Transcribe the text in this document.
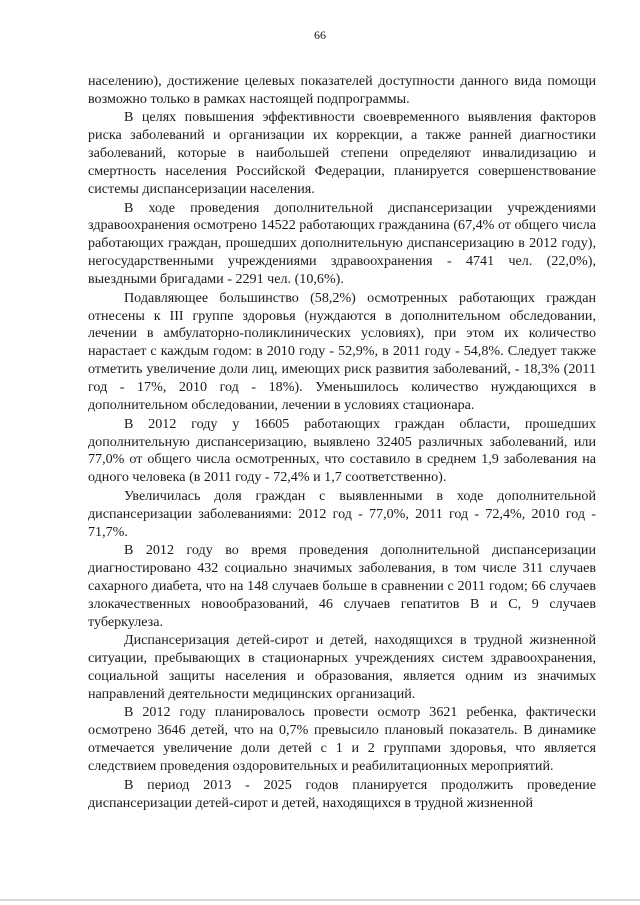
66

населению), достижение целевых показателей доступности данного вида помощи возможно только в рамках настоящей подпрограммы.

В целях повышения эффективности своевременного выявления факторов риска заболеваний и организации их коррекции, а также ранней диагностики заболеваний, которые в наибольшей степени определяют инвалидизацию и смертность населения Российской Федерации, планируется совершенствование системы диспансеризации населения.

В ходе проведения дополнительной диспансеризации учреждениями здравоохранения осмотрено 14522 работающих гражданина (67,4% от общего числа работающих граждан, прошедших дополнительную диспансеризацию в 2012 году), негосударственными учреждениями здравоохранения - 4741 чел. (22,0%), выездными бригадами - 2291 чел. (10,6%).

Подавляющее большинство (58,2%) осмотренных работающих граждан отнесены к III группе здоровья (нуждаются в дополнительном обследовании, лечении в амбулаторно-поликлинических условиях), при этом их количество нарастает с каждым годом: в 2010 году - 52,9%, в 2011 году - 54,8%. Следует также отметить увеличение доли лиц, имеющих риск развития заболеваний, - 18,3% (2011 год - 17%, 2010 год - 18%). Уменьшилось количество нуждающихся в дополнительном обследовании, лечении в условиях стационара.

В 2012 году у 16605 работающих граждан области, прошедших дополнительную диспансеризацию, выявлено 32405 различных заболеваний, или 77,0% от общего числа осмотренных, что составило в среднем 1,9 заболевания на одного человека (в 2011 году - 72,4% и 1,7 соответственно).

Увеличилась доля граждан с выявленными в ходе дополнительной диспансеризации заболеваниями: 2012 год - 77,0%, 2011 год - 72,4%, 2010 год - 71,7%.

В 2012 году во время проведения дополнительной диспансеризации диагностировано 432 социально значимых заболевания, в том числе 311 случаев сахарного диабета, что на 148 случаев больше в сравнении с 2011 годом; 66 случаев злокачественных новообразований, 46 случаев гепатитов В и С, 9 случаев туберкулеза.

Диспансеризация детей-сирот и детей, находящихся в трудной жизненной ситуации, пребывающих в стационарных учреждениях систем здравоохранения, социальной защиты населения и образования, является одним из значимых направлений деятельности медицинских организаций.

В 2012 году планировалось провести осмотр 3621 ребенка, фактически осмотрено 3646 детей, что на 0,7% превысило плановый показатель. В динамике отмечается увеличение доли детей с 1 и 2 группами здоровья, что является следствием проведения оздоровительных и реабилитационных мероприятий.

В период 2013 - 2025 годов планируется продолжить проведение диспансеризации детей-сирот и детей, находящихся в трудной жизненной
